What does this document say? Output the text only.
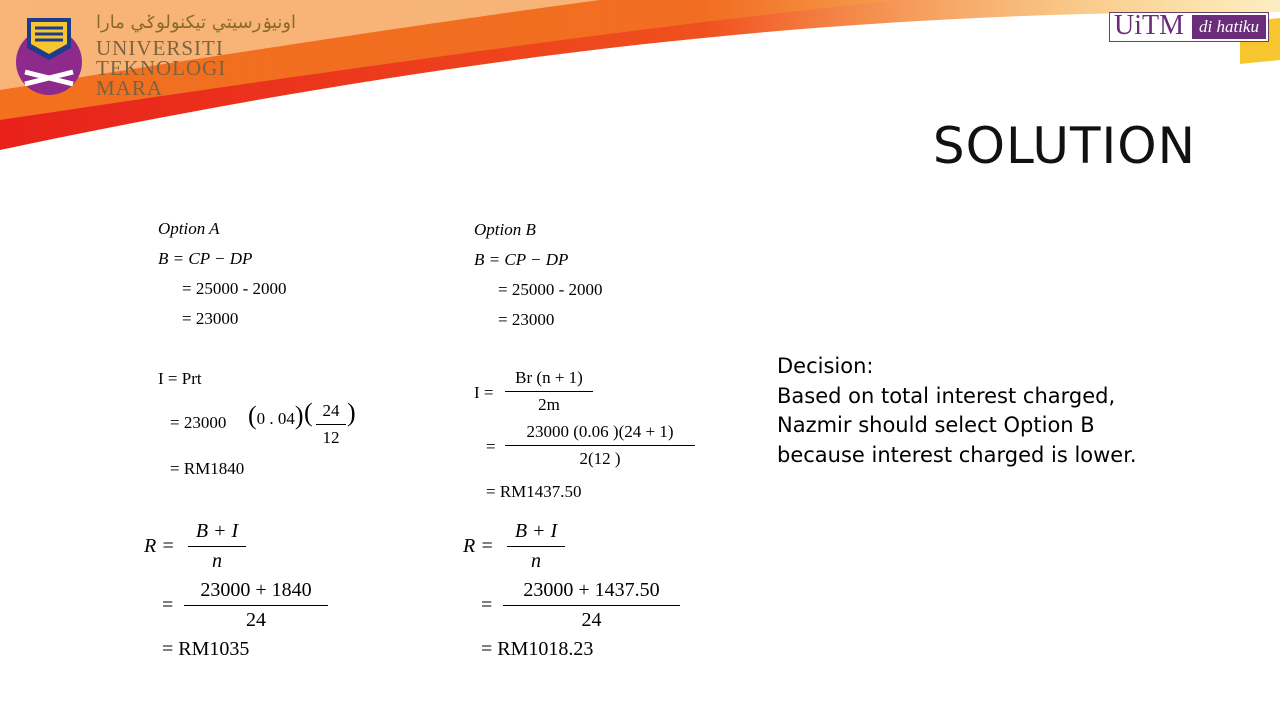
اونيۏرسيتي تيكنولوݢي مارا
UNIVERSITI
TEKNOLOGI
MARA
UiTM di hatiku
SOLUTION
Option A
B = CP − DP
= 25000 - 2000
= 23000
I = Prt
= 23000 (0 . 04) ( 24
12
)
= RM1840
R =
B + I
n
=
23000 + 1840
24
= RM1035
Option B
B = CP − DP
= 25000 - 2000
= 23000
I =
Br (n + 1)
2m
=
23000 (0.06 )(24 + 1)
2(12 )
= RM1437.50
R =
B + I
n
=
23000 + 1437.50
24
= RM1018.23
Decision:
Based on total interest charged,
Nazmir should select Option B
because interest charged is lower.
